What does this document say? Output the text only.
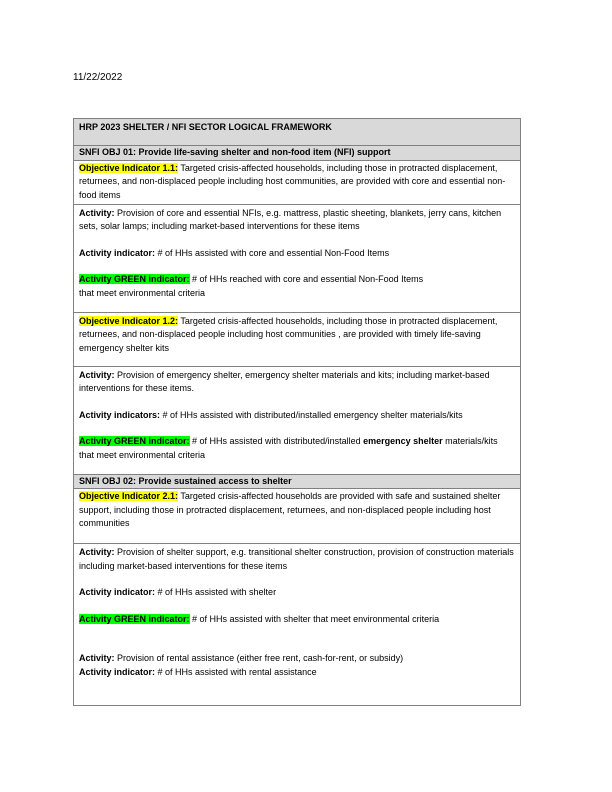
11/22/2022
HRP 2023 SHELTER / NFI SECTOR LOGICAL FRAMEWORK
SNFI OBJ 01: Provide life-saving shelter and non-food item (NFI) support
Objective Indicator 1.1: Targeted crisis-affected households, including those in protracted displacement, returnees, and non-displaced people including host communities, are provided with core and essential non-food items

Activity: Provision of core and essential NFIs, e.g. mattress, plastic sheeting, blankets, jerry cans, kitchen sets, solar lamps; including market-based interventions for these items

Activity indicator: # of HHs assisted with core and essential Non-Food Items

Activity GREEN indicator: # of HHs reached with core and essential Non-Food Items

that meet environmental criteria

Objective Indicator 1.2: Targeted crisis-affected households, including those in protracted displacement, returnees, and non-displaced people including host communities , are provided with timely life-saving emergency shelter kits

Activity: Provision of emergency shelter, emergency shelter materials and kits; including market-based interventions for these items.

Activity indicators: # of HHs assisted with distributed/installed emergency shelter materials/kits

Activity GREEN indicator: # of HHs assisted with distributed/installed emergency shelter materials/kits that meet environmental criteria

SNFI OBJ 02: Provide sustained access to shelter
Objective Indicator 2.1: Targeted crisis-affected households are provided with safe and sustained shelter support, including those in protracted displacement, returnees, and non-displaced people including host communities

Activity: Provision of shelter support, e.g. transitional shelter construction, provision of construction materials including market-based interventions for these items

Activity indicator: # of HHs assisted with shelter

Activity GREEN indicator: # of HHs assisted with shelter that meet environmental criteria

Activity: Provision of rental assistance (either free rent, cash-for-rent, or subsidy)

Activity indicator: # of HHs assisted with rental assistance
